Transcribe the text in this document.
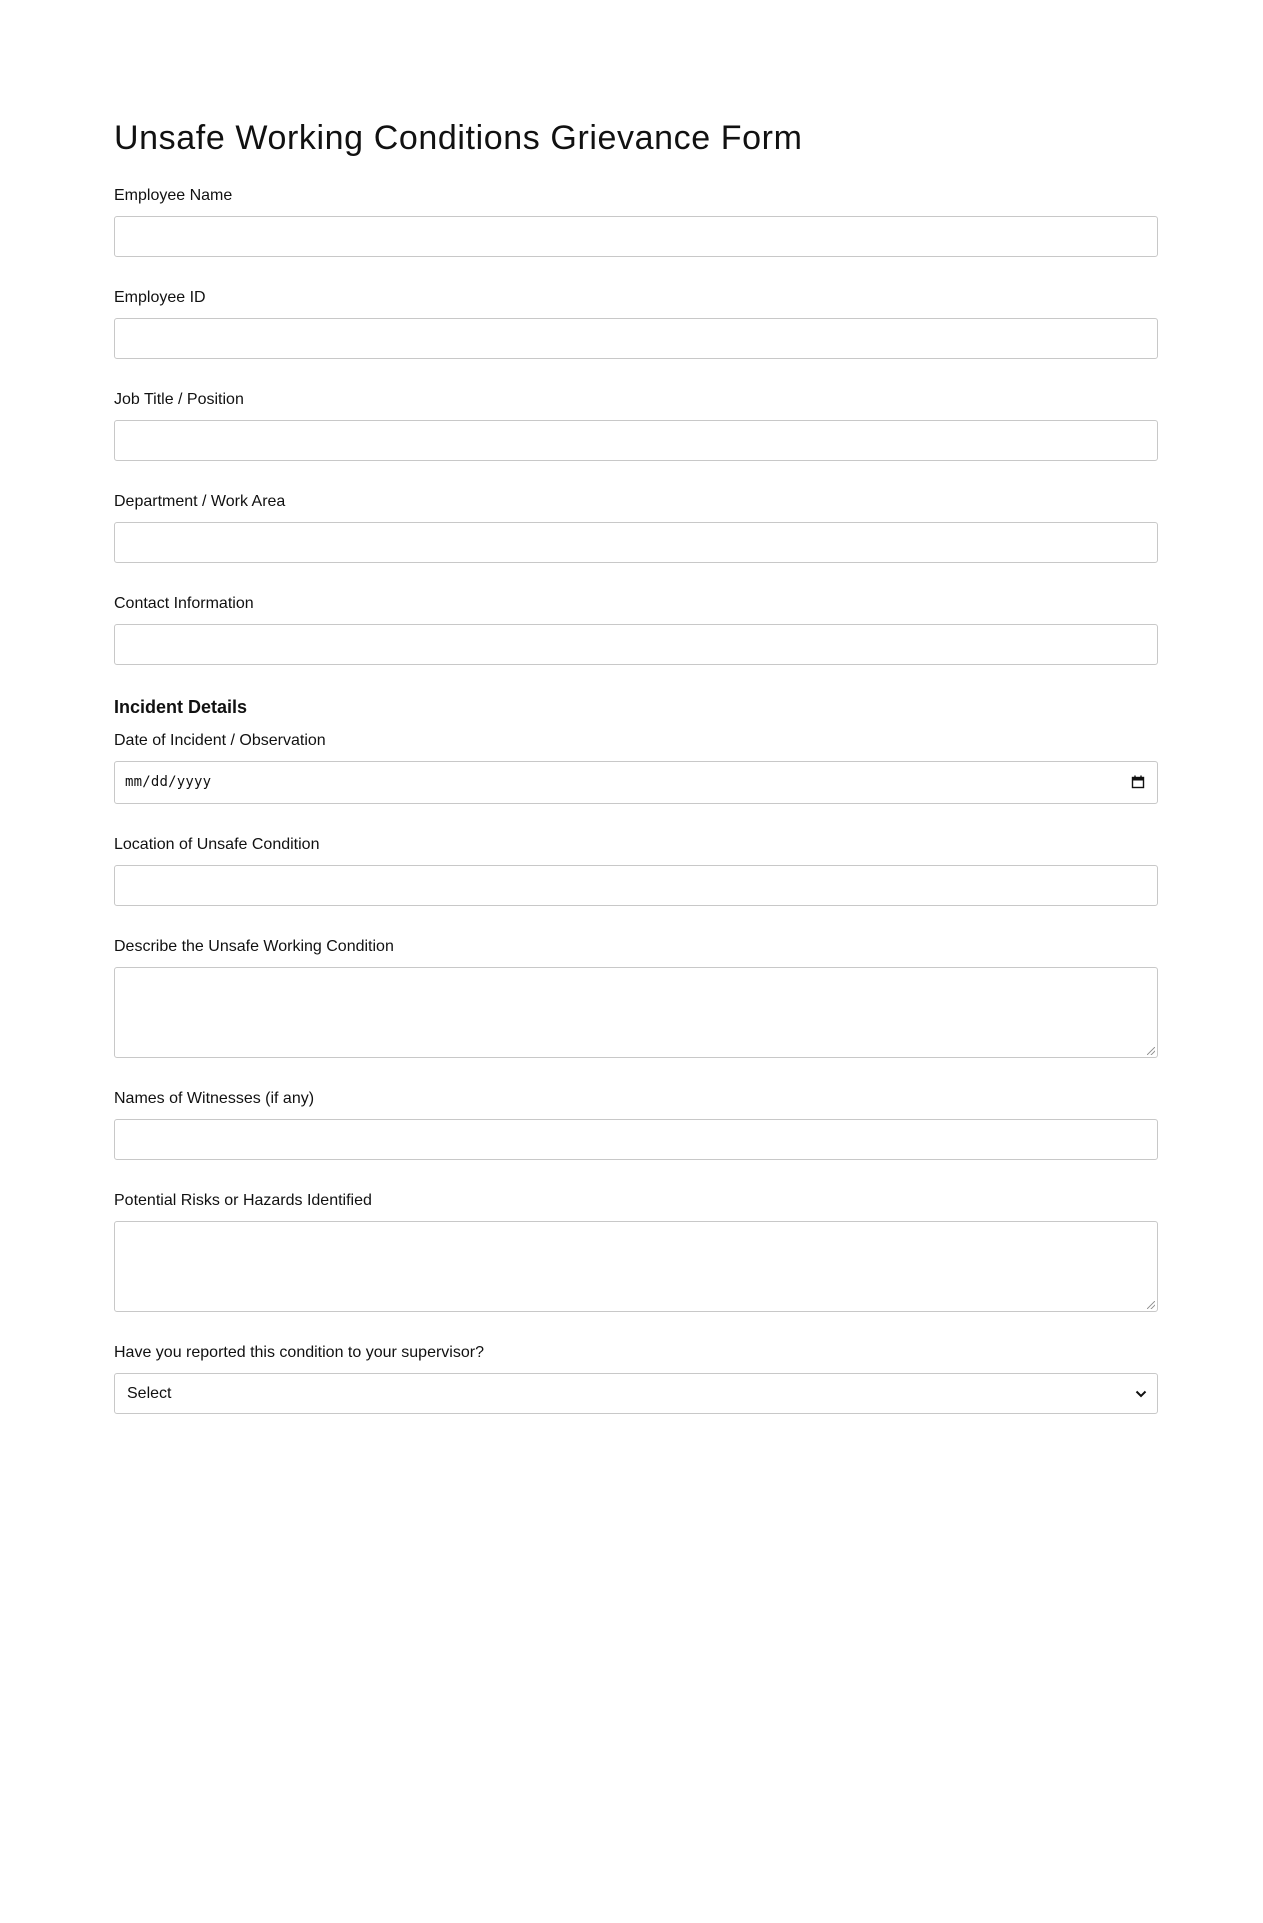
Unsafe Working Conditions Grievance Form
Employee Name
Employee ID
Job Title / Position
Department / Work Area
Contact Information
Incident Details
Date of Incident / Observation
mm/dd/yyyy
Location of Unsafe Condition
Describe the Unsafe Working Condition
Names of Witnesses (if any)
Potential Risks or Hazards Identified
Have you reported this condition to your supervisor?
Select
